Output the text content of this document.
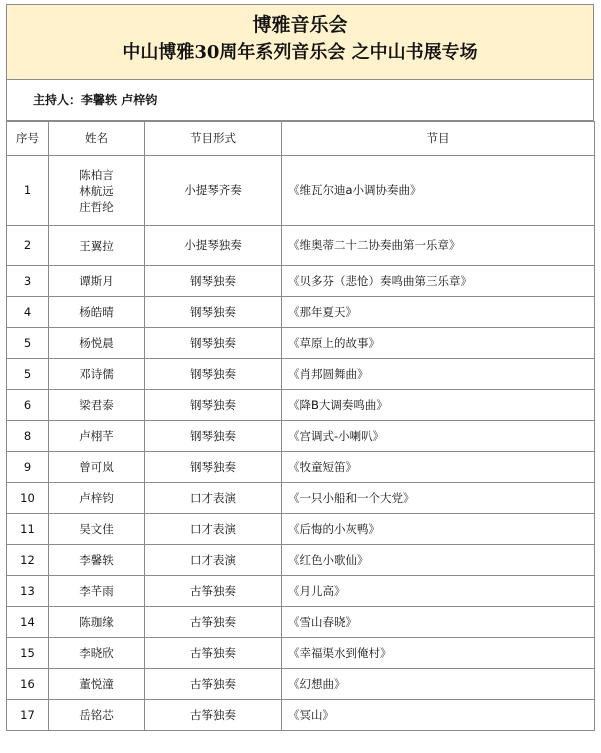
博雅音乐会
中山博雅30周年系列音乐会 之中山书展专场
主持人：李馨轶 卢梓钧
序号	姓名	节目形式	节目
1	陈柏言
林航远
庄哲纶	小提琴齐奏	《维瓦尔迪a小调协奏曲》
2	王翼拉	小提琴独奏	《维奥蒂二十二协奏曲第一乐章》
3	谭斯月	钢琴独奏	《贝多芬（悲怆）奏鸣曲第三乐章》
4	杨皓晴	钢琴独奏	《那年夏天》
5	杨悦晨	钢琴独奏	《草原上的故事》
5	邓诗儒	钢琴独奏	《肖邦圆舞曲》
6	梁君泰	钢琴独奏	《降B大调奏鸣曲》
8	卢栩芊	钢琴独奏	《宫调式-小喇叭》
9	曾可岚	钢琴独奏	《牧童短笛》
10	卢梓钧	口才表演	《一只小船和一个大党》
11	吴文佳	口才表演	《后悔的小灰鸭》
12	李馨轶	口才表演	《红色小歌仙》
13	李芊雨	古筝独奏	《月儿高》
14	陈珈缘	古筝独奏	《雪山春晓》
15	李晓欣	古筝独奏	《幸福渠水到俺村》
16	董悦潼	古筝独奏	《幻想曲》
17	岳铭芯	古筝独奏	《冥山》
